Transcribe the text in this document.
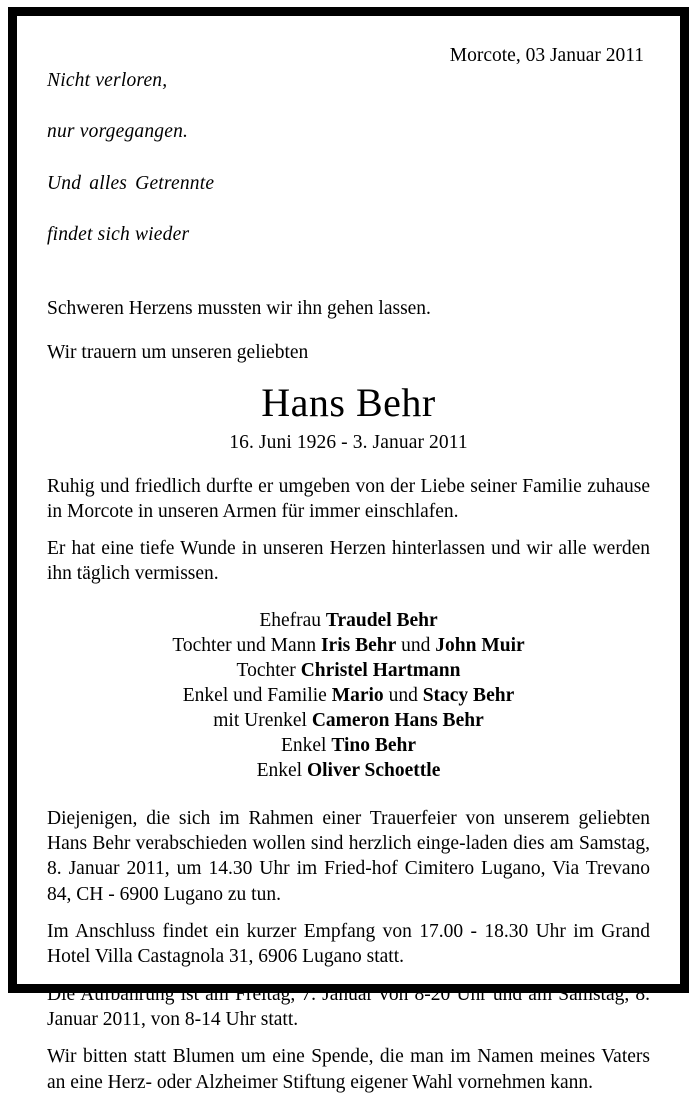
Nicht verloren,

nur vorgegangen.

Und alles Getrennte

findet sich wieder

Morcote, 03 Januar 2011

Schweren Herzens mussten wir ihn gehen lassen.

Wir trauern um unseren geliebten

Hans Behr

16. Juni 1926 - 3. Januar 2011

Ruhig und friedlich durfte er umgeben von der Liebe seiner Familie zuhause in Morcote in unseren Armen für immer einschlafen.

Er hat eine tiefe Wunde in unseren Herzen hinterlassen und wir alle werden ihn täglich vermissen.

Ehefrau Traudel Behr
Tochter und Mann Iris Behr und John Muir
Tochter Christel Hartmann
Enkel und Familie Mario und Stacy Behr
mit Urenkel Cameron Hans Behr
Enkel Tino Behr
Enkel Oliver Schoettle

Diejenigen, die sich im Rahmen einer Trauerfeier von unserem geliebten Hans Behr verabschieden wollen sind herzlich einge-​laden dies am Samstag, 8. Januar 2011, um 14.30 Uhr im Fried-​hof Cimitero Lugano, Via Trevano 84, CH - 6900 Lugano zu tun.

Im Anschluss findet ein kurzer Empfang von 17.00 - 18.30 Uhr im Grand Hotel Villa Castagnola 31, 6906 Lugano statt.

Die Aufbahrung ist am Freitag, 7. Januar von 8-20 Uhr und am Samstag, 8. Januar 2011, von 8-14 Uhr statt.

Wir bitten statt Blumen um eine Spende, die man im Namen meines Vaters an eine Herz- oder Alzheimer Stiftung eigener Wahl vornehmen kann.
